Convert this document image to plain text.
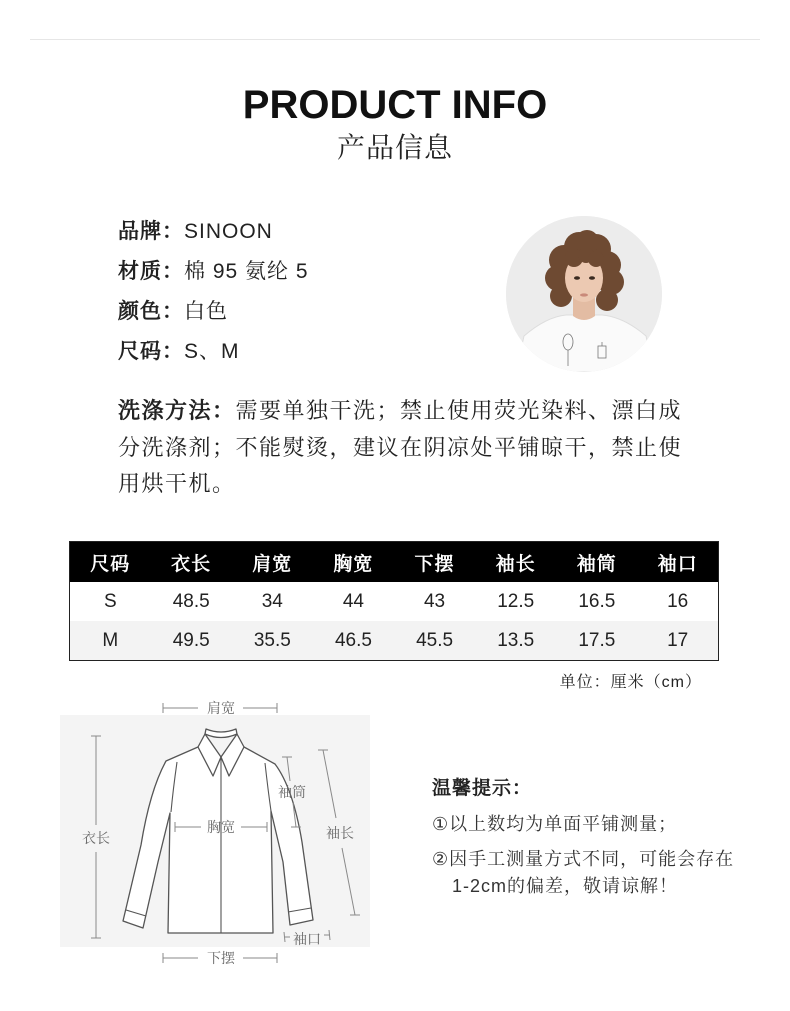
PRODUCT INFO
产品信息
品牌：SINOON
材质：棉 95 氨纶 5
颜色：白色
尺码：S、M
洗涤方法：需要单独干洗；禁止使用荧光染料、漂白成
分洗涤剂；不能熨烫，建议在阴凉处平铺晾干，禁止使
用烘干机。
尺码	衣长	肩宽	胸宽	下摆	袖长	袖筒	袖口
S	48.5	34	44	43	12.5	16.5	16
M	49.5	35.5	46.5	45.5	13.5	17.5	17
单位：厘米（cm）
肩宽
下摆
衣长
胸宽
袖筒
袖长
袖口
温馨提示：
①以上数均为单面平铺测量；
②因手工测量方式不同，可能会存在
1-2cm的偏差，敬请谅解！
